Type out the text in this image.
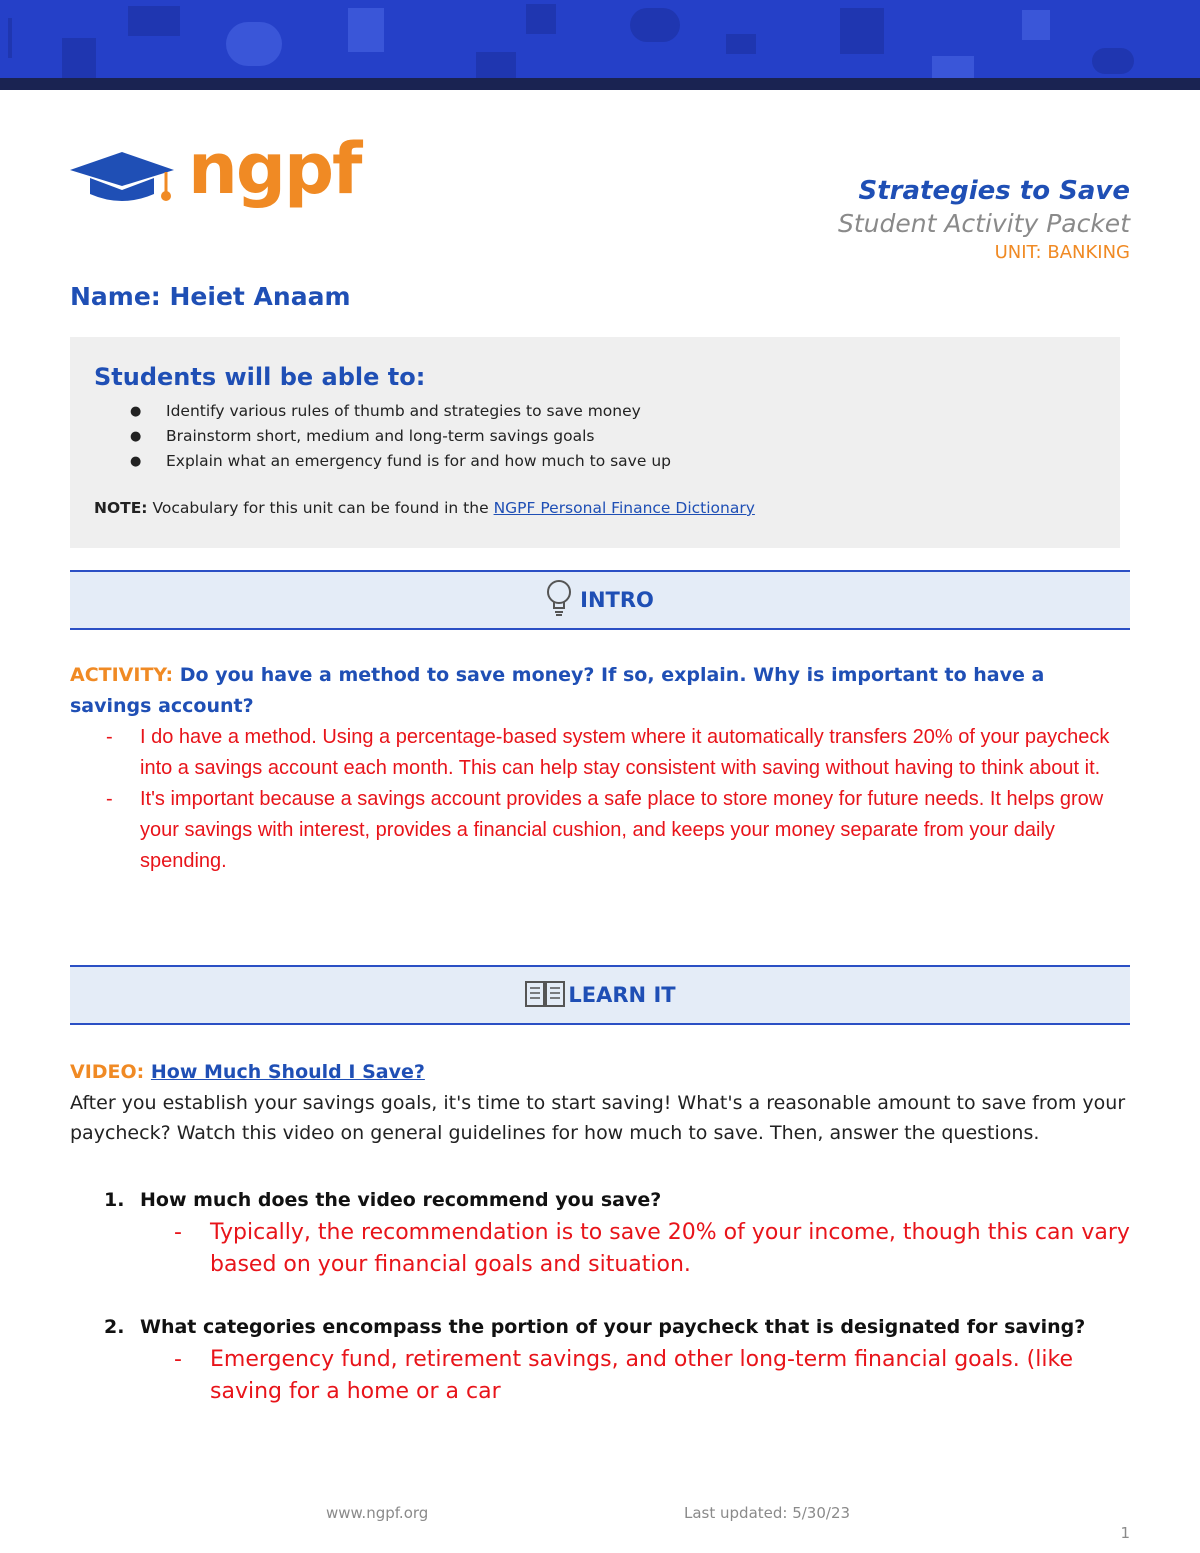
ngpf	Strategies to Save
Student Activity Packet
UNIT: BANKING
Name: Heiet Anaam
Students will be able to:
● Identify various rules of thumb and strategies to save money
● Brainstorm short, medium and long-term savings goals
● Explain what an emergency fund is for and how much to save up
NOTE: Vocabulary for this unit can be found in the NGPF Personal Finance Dictionary
INTRO
ACTIVITY: Do you have a method to save money? If so, explain. Why is important to have a savings account?
- I do have a method. Using a percentage-based system where it automatically transfers 20% of your paycheck into a savings account each month. This can help stay consistent with saving without having to think about it.
- It's important because a savings account provides a safe place to store money for future needs. It helps grow your savings with interest, provides a financial cushion, and keeps your money separate from your daily spending.
LEARN IT
VIDEO: How Much Should I Save?
After you establish your savings goals, it's time to start saving! What's a reasonable amount to save from your paycheck? Watch this video on general guidelines for how much to save. Then, answer the questions.
1. How much does the video recommend you save?
- Typically, the recommendation is to save 20% of your income, though this can vary based on your financial goals and situation.
2. What categories encompass the portion of your paycheck that is designated for saving?
- Emergency fund, retirement savings, and other long-term financial goals. (like saving for a home or a car
www.ngpf.org	Last updated: 5/30/23
1
